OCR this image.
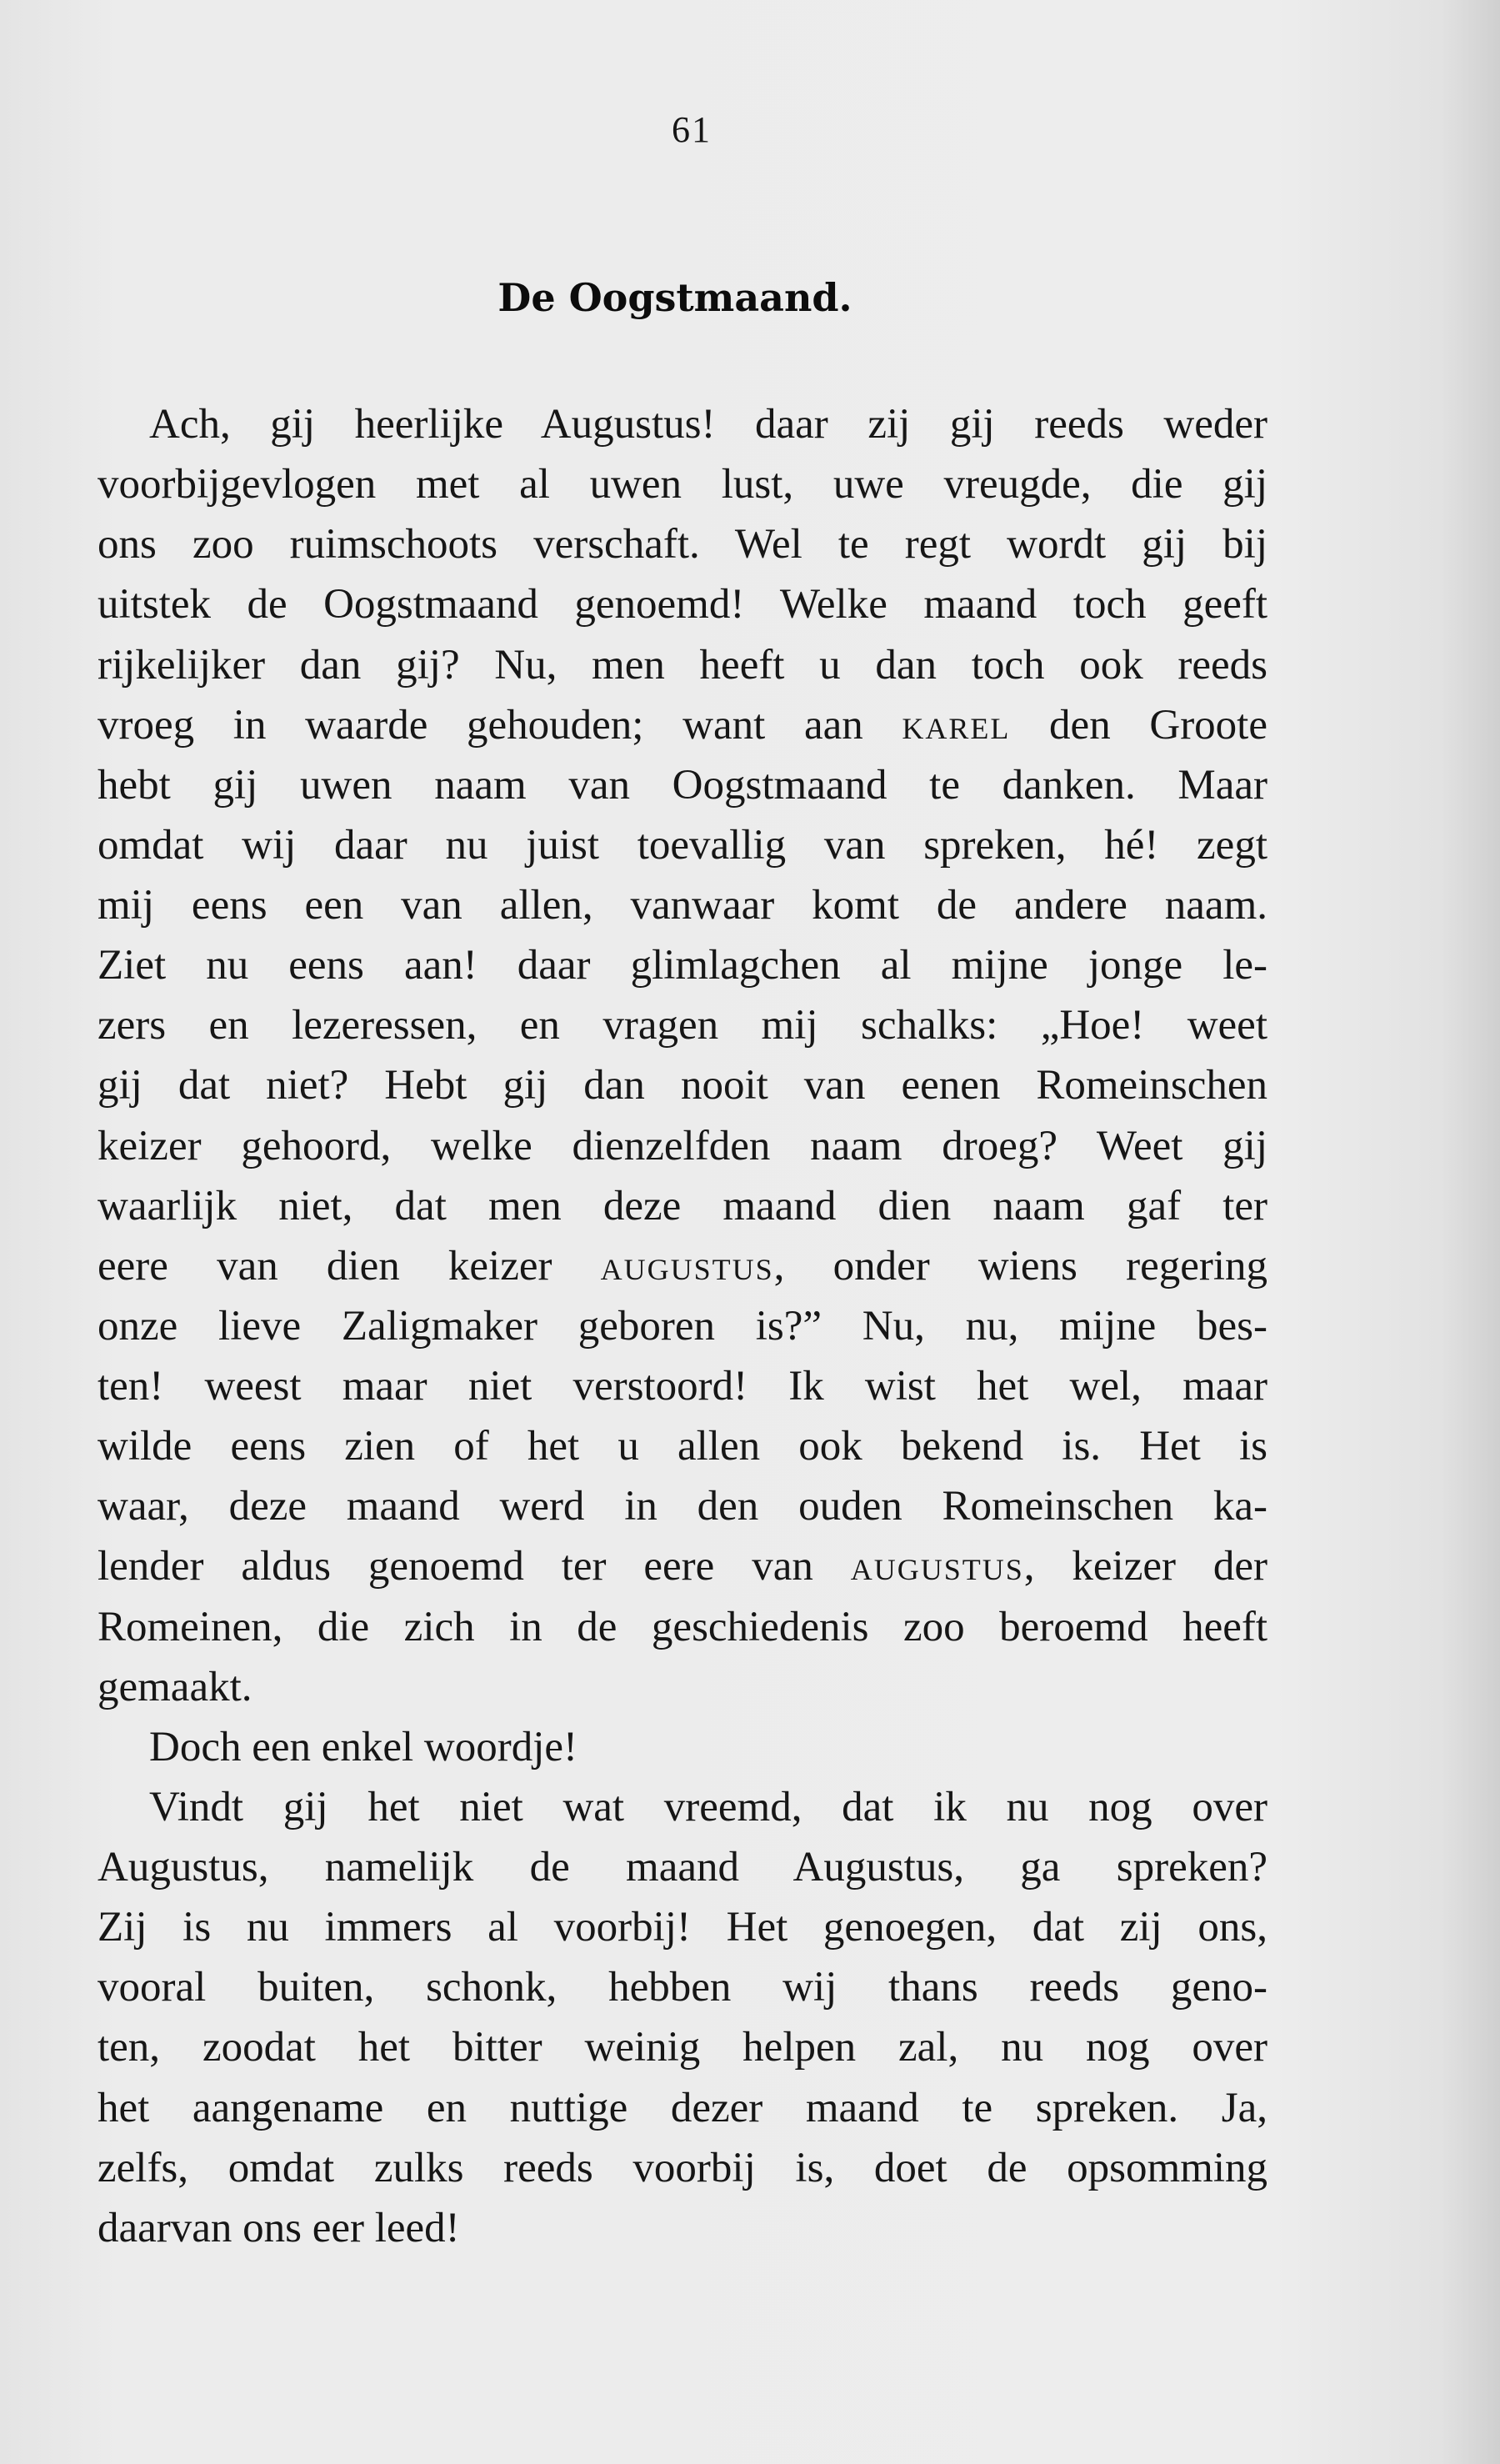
61
De Oogstmaand.
Ach, gij heerlijke Augustus! daar zij gij reeds weder
voorbijgevlogen met al uwen lust, uwe vreugde, die gij
ons zoo ruimschoots verschaft. Wel te regt wordt gij bij
uitstek de Oogstmaand genoemd! Welke maand toch geeft
rijkelijker dan gij? Nu, men heeft u dan toch ook reeds
vroeg in waarde gehouden; want aan KAREL den Groote
hebt gij uwen naam van Oogstmaand te danken. Maar
omdat wij daar nu juist toevallig van spreken, hé! zegt
mij eens een van allen, vanwaar komt de andere naam.
Ziet nu eens aan! daar glimlagchen al mijne jonge le-
zers en lezeressen, en vragen mij schalks: „Hoe! weet
gij dat niet? Hebt gij dan nooit van eenen Romeinschen
keizer gehoord, welke dienzelfden naam droeg? Weet gij
waarlijk niet, dat men deze maand dien naam gaf ter
eere van dien keizer AUGUSTUS, onder wiens regering
onze lieve Zaligmaker geboren is?” Nu, nu, mijne bes-
ten! weest maar niet verstoord! Ik wist het wel, maar
wilde eens zien of het u allen ook bekend is. Het is
waar, deze maand werd in den ouden Romeinschen ka-
lender aldus genoemd ter eere van AUGUSTUS, keizer der
Romeinen, die zich in de geschiedenis zoo beroemd heeft
gemaakt.
Doch een enkel woordje!
Vindt gij het niet wat vreemd, dat ik nu nog over
Augustus, namelijk de maand Augustus, ga spreken?
Zij is nu immers al voorbij! Het genoegen, dat zij ons,
vooral buiten, schonk, hebben wij thans reeds geno-
ten, zoodat het bitter weinig helpen zal, nu nog over
het aangename en nuttige dezer maand te spreken. Ja,
zelfs, omdat zulks reeds voorbij is, doet de opsomming
daarvan ons eer leed!
